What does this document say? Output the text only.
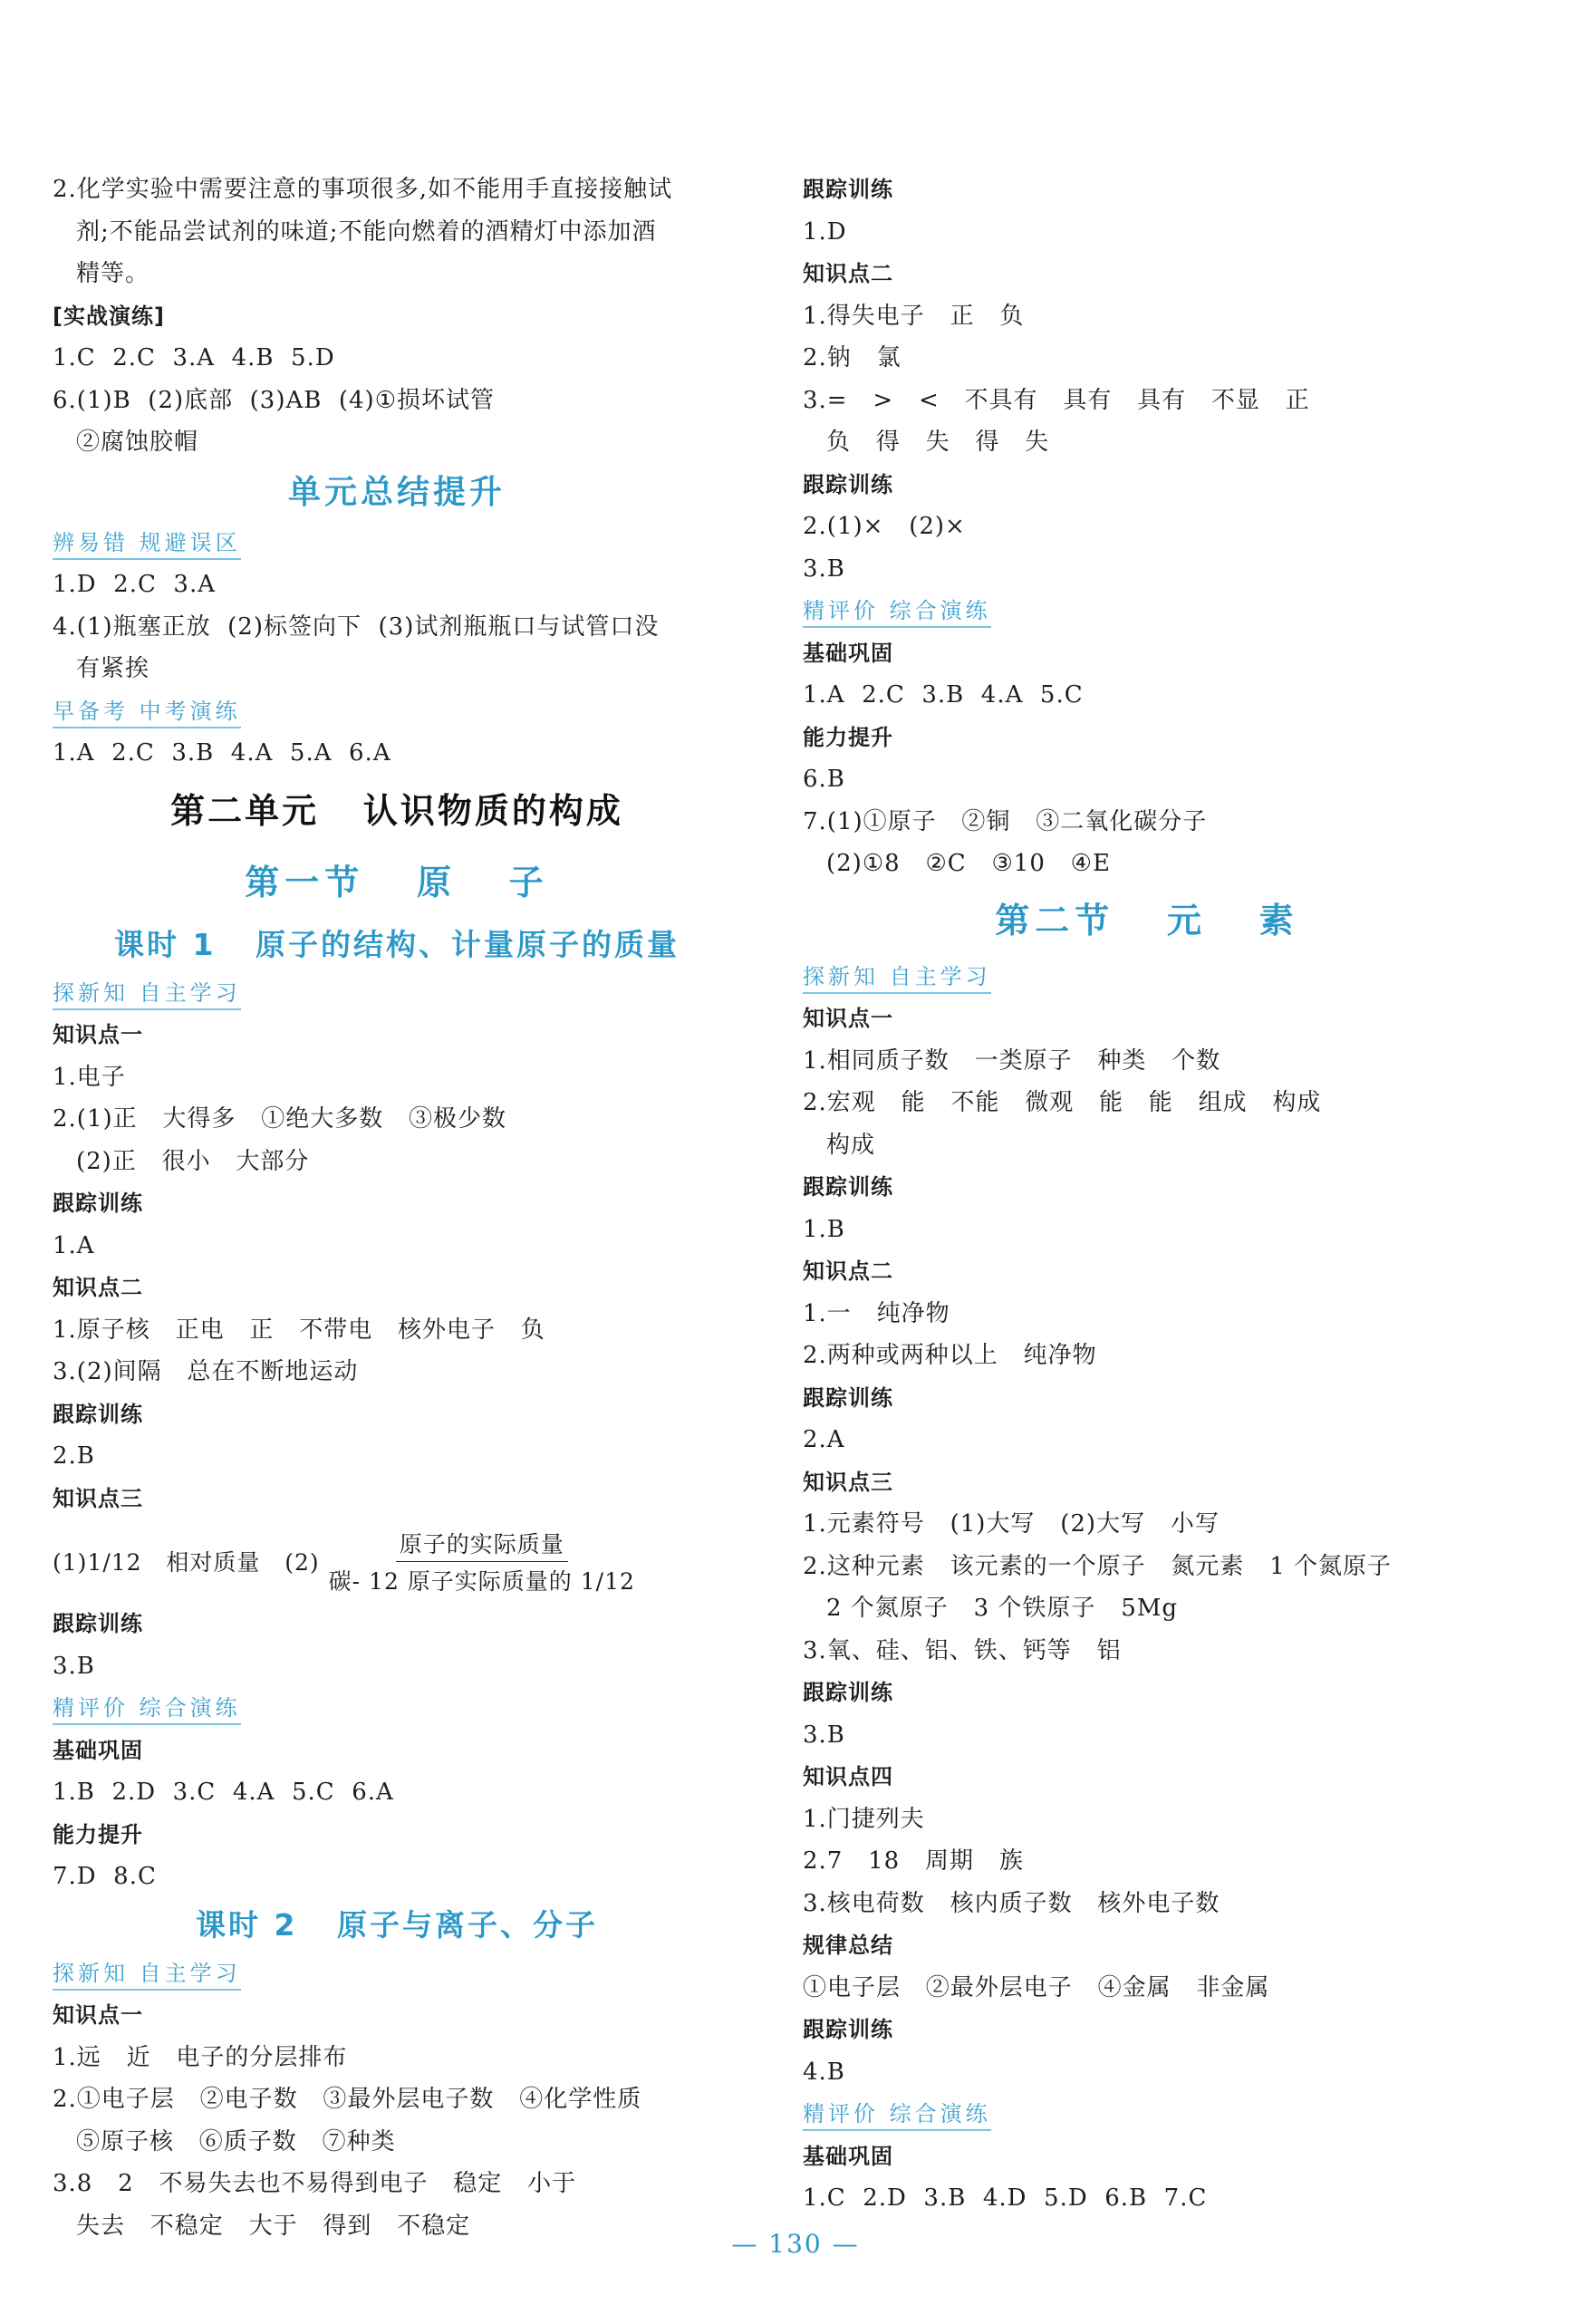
2.化学实验中需要注意的事项很多,如不能用手直接接触试
剂;不能品尝试剂的味道;不能向燃着的酒精灯中添加酒
精等。
[实战演练]
1.C  2.C  3.A  4.B  5.D
6.(1)B  (2)底部  (3)AB  (4)①损坏试管
②腐蚀胶帽
单元总结提升
辨易错 规避误区
1.D  2.C  3.A
4.(1)瓶塞正放  (2)标签向下  (3)试剂瓶瓶口与试管口没
有紧挨
早备考 中考演练
1.A  2.C  3.B  4.A  5.A  6.A
第二单元   认识物质的构成
第一节   原   子
课时 1   原子的结构、计量原子的质量
探新知 自主学习
知识点一
1.电子
2.(1)正   大得多   ①绝大多数   ③极少数
(2)正   很小   大部分
跟踪训练
1.A
知识点二
1.原子核   正电   正   不带电   核外电子   负
3.(2)间隔   总在不断地运动
跟踪训练
2.B
知识点三
(1)1/12   相对质量   $(2) \frac{\text{原子的实际质量}}{\text{碳- 12 原子实际质量的 1/12}}$
跟踪训练
3.B
精评价 综合演练
基础巩固
1.B  2.D  3.C  4.A  5.C  6.A
能力提升
7.D  8.C
课时 2   原子与离子、分子
探新知 自主学习
知识点一
1.远   近   电子的分层排布
2.①电子层   ②电子数   ③最外层电子数   ④化学性质
⑤原子核   ⑥质子数   ⑦种类
3.8   2   不易失去也不易得到电子   稳定   小于
失去   不稳定   大于   得到   不稳定
跟踪训练
1.D
知识点二
1.得失电子   正   负
2.钠   氯
3.=   >   <   不具有   具有   具有   不显   正
负   得   失   得   失
跟踪训练
2.(1)×   (2)×
3.B
精评价 综合演练
基础巩固
1.A  2.C  3.B  4.A  5.C
能力提升
6.B
7.(1)①原子   ②铜   ③二氧化碳分子
(2)①8   ②C   ③10   ④E
第二节   元   素
探新知 自主学习
知识点一
1.相同质子数   一类原子   种类   个数
2.宏观   能   不能   微观   能   能   组成   构成
构成
跟踪训练
1.B
知识点二
1.一   纯净物
2.两种或两种以上   纯净物
跟踪训练
2.A
知识点三
1.元素符号   (1)大写   (2)大写   小写
2.这种元素   该元素的一个原子   氮元素   1 个氮原子
2 个氮原子   3 个铁原子   5Mg
3.氧、硅、铝、铁、钙等   铝
跟踪训练
3.B
知识点四
1.门捷列夫
2.7   18   周期   族
3.核电荷数   核内质子数   核外电子数
规律总结
①电子层   ②最外层电子   ④金属   非金属
跟踪训练
4.B
精评价 综合演练
基础巩固
1.C  2.D  3.B  4.D  5.D  6.B  7.C
— 130 —
